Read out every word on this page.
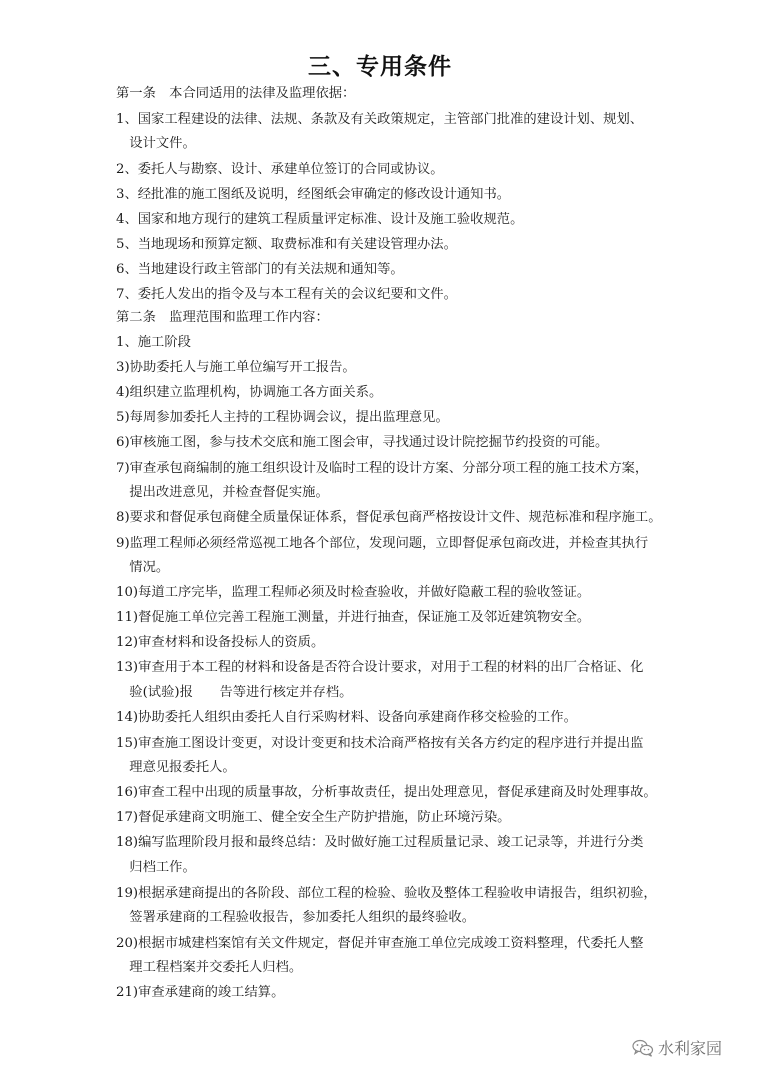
三、专用条件
第一条　本合同适用的法律及监理依据：
1、国家工程建设的法律、法规、条款及有关政策规定，主管部门批准的建设计划、规划、
　设计文件。
2、委托人与勘察、设计、承建单位签订的合同或协议。
3、经批准的施工图纸及说明，经图纸会审确定的修改设计通知书。
4、国家和地方现行的建筑工程质量评定标准、设计及施工验收规范。
5、当地现场和预算定额、取费标准和有关建设管理办法。
6、当地建设行政主管部门的有关法规和通知等。
7、委托人发出的指令及与本工程有关的会议纪要和文件。
第二条　监理范围和监理工作内容：
1、施工阶段
3)协助委托人与施工单位编写开工报告。
4)组织建立监理机构，协调施工各方面关系。
5)每周参加委托人主持的工程协调会议，提出监理意见。
6)审核施工图，参与技术交底和施工图会审，寻找通过设计院挖掘节约投资的可能。
7)审查承包商编制的施工组织设计及临时工程的设计方案、分部分项工程的施工技术方案，
　提出改进意见，并检查督促实施。
8)要求和督促承包商健全质量保证体系，督促承包商严格按设计文件、规范标准和程序施工。
9)监理工程师必须经常巡视工地各个部位，发现问题，立即督促承包商改进，并检查其执行
　情况。
10)每道工序完毕，监理工程师必须及时检查验收，并做好隐蔽工程的验收签证。
11)督促施工单位完善工程施工测量，并进行抽查，保证施工及邻近建筑物安全。
12)审查材料和设备投标人的资质。
13)审查用于本工程的材料和设备是否符合设计要求，对用于工程的材料的出厂合格证、化
　验(试验)报　　告等进行核定并存档。
14)协助委托人组织由委托人自行采购材料、设备向承建商作移交检验的工作。
15)审查施工图设计变更，对设计变更和技术洽商严格按有关各方约定的程序进行并提出监
　理意见报委托人。
16)审查工程中出现的质量事故，分析事故责任，提出处理意见，督促承建商及时处理事故。
17)督促承建商文明施工、健全安全生产防护措施，防止环境污染。
18)编写监理阶段月报和最终总结：及时做好施工过程质量记录、竣工记录等，并进行分类
　归档工作。
19)根据承建商提出的各阶段、部位工程的检验、验收及整体工程验收申请报告，组织初验，
　签署承建商的工程验收报告，参加委托人组织的最终验收。
20)根据市城建档案馆有关文件规定，督促并审查施工单位完成竣工资料整理，代委托人整
　理工程档案并交委托人归档。
21)审查承建商的竣工结算。
水利家园
